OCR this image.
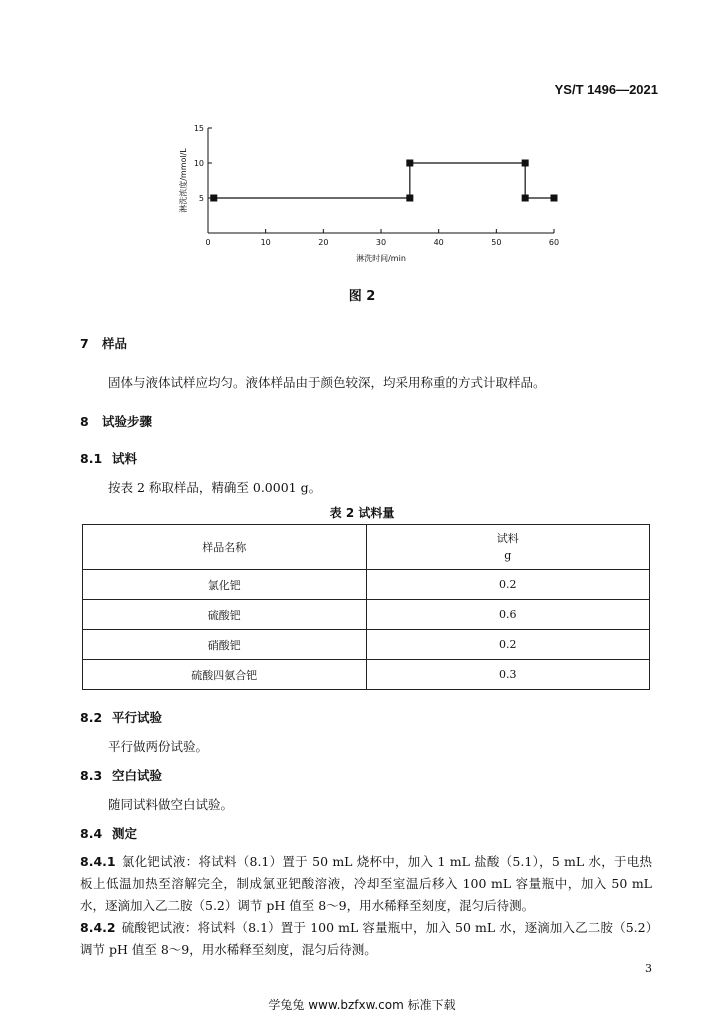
YS/T 1496—2021
5
10
15
0	10	20	30	40	50	60
淋洗时间/min
淋洗浓度/mmol/L
图 2
7 样品
固体与液体试样应均匀。液体样品由于颜色较深，均采用称重的方式计取样品。
8 试验步骤
8.1 试料
按表 2 称取样品，精确至 0.0001 g。
表 2 试料量
样品名称	试料
g

氯化钯	0.2
硫酸钯	0.6
硝酸钯	0.2
硫酸四氨合钯	0.3
8.2 平行试验
平行做两份试验。
8.3 空白试验
随同试料做空白试验。
8.4 测定
8.4.1 氯化钯试液：将试料（8.1）置于 50 mL 烧杯中，加入 1 mL 盐酸（5.1），5 mL 水，于电热板上低温加热至溶解完全，制成氯亚钯酸溶液，冷却至室温后移入 100 mL 容量瓶中，加入 50 mL 水，逐滴加入乙二胺（5.2）调节 pH 值至 8～9，用水稀释至刻度，混匀后待测。
8.4.2 硫酸钯试液：将试料（8.1）置于 100 mL 容量瓶中，加入 50 mL 水，逐滴加入乙二胺（5.2）调节 pH 值至 8～9，用水稀释至刻度，混匀后待测。
3
学兔兔 www.bzfxw.com 标准下载
